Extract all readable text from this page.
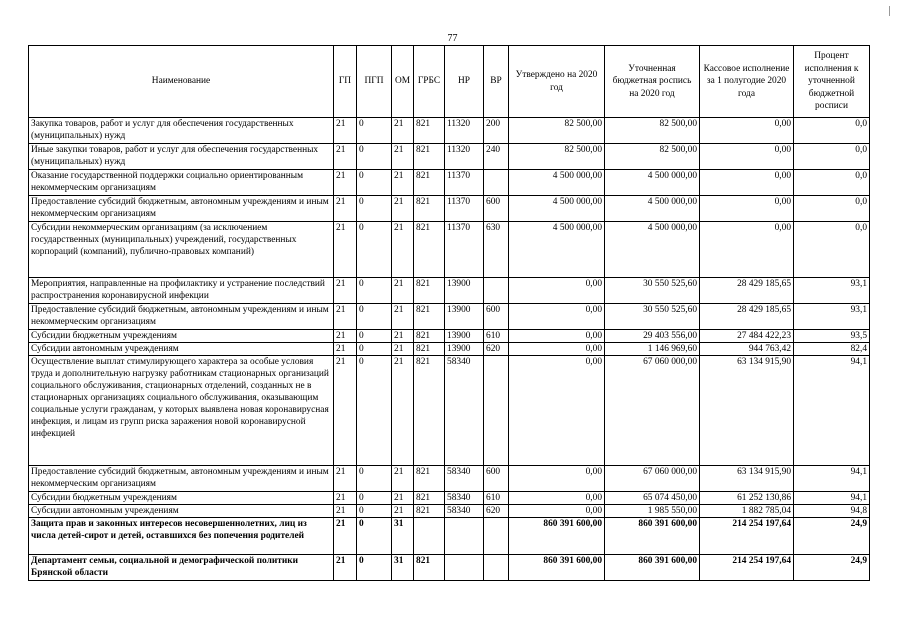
77
Наименование	ГП	ПГП	ОМ	ГРБС	НР	ВР	Утверждено на 2020 год	Уточненная бюджетная роспись на 2020 год	Кассовое исполнение за 1 полугодие 2020 года	Процент исполнения к уточненной бюджетной росписи
Закупка товаров, работ и услуг для обеспечения государственных (муниципальных) нужд	21	0	21	821	11320	200	82 500,00	82 500,00	0,00	0,0
Иные закупки товаров, работ и услуг для обеспечения государственных (муниципальных) нужд	21	0	21	821	11320	240	82 500,00	82 500,00	0,00	0,0
Оказание государственной поддержки социально ориентированным некоммерческим организациям	21	0	21	821	11370		4 500 000,00	4 500 000,00	0,00	0,0
Предоставление субсидий бюджетным, автономным учреждениям и иным некоммерческим организациям	21	0	21	821	11370	600	4 500 000,00	4 500 000,00	0,00	0,0
Субсидии некоммерческим организациям (за исключением государственных (муниципальных) учреждений, государственных корпораций (компаний), публично-правовых компаний)	21	0	21	821	11370	630	4 500 000,00	4 500 000,00	0,00	0,0
Мероприятия, направленные на профилактику и устранение последствий распространения коронавирусной инфекции	21	0	21	821	13900		0,00	30 550 525,60	28 429 185,65	93,1
Предоставление субсидий бюджетным, автономным учреждениям и иным некоммерческим организациям	21	0	21	821	13900	600	0,00	30 550 525,60	28 429 185,65	93,1
Субсидии бюджетным учреждениям	21	0	21	821	13900	610	0,00	29 403 556,00	27 484 422,23	93,5
Субсидии автономным учреждениям	21	0	21	821	13900	620	0,00	1 146 969,60	944 763,42	82,4
Осуществление выплат стимулирующего характера за особые условия труда и дополнительную нагрузку работникам стационарных организаций социального обслуживания, стационарных отделений, созданных не в стационарных организациях социального обслуживания, оказывающим социальные услуги гражданам, у которых выявлена новая коронавирусная инфекция, и лицам из групп риска заражения новой коронавирусной инфекцией	21	0	21	821	58340		0,00	67 060 000,00	63 134 915,90	94,1
Предоставление субсидий бюджетным, автономным учреждениям и иным некоммерческим организациям	21	0	21	821	58340	600	0,00	67 060 000,00	63 134 915,90	94,1
Субсидии бюджетным учреждениям	21	0	21	821	58340	610	0,00	65 074 450,00	61 252 130,86	94,1
Субсидии автономным учреждениям	21	0	21	821	58340	620	0,00	1 985 550,00	1 882 785,04	94,8
Защита прав и законных интересов несовершеннолетних, лиц из числа детей-сирот и детей, оставшихся без попечения родителей	21	0	31				860 391 600,00	860 391 600,00	214 254 197,64	24,9
Департамент семьи, социальной и демографической политики Брянской области	21	0	31	821			860 391 600,00	860 391 600,00	214 254 197,64	24,9
